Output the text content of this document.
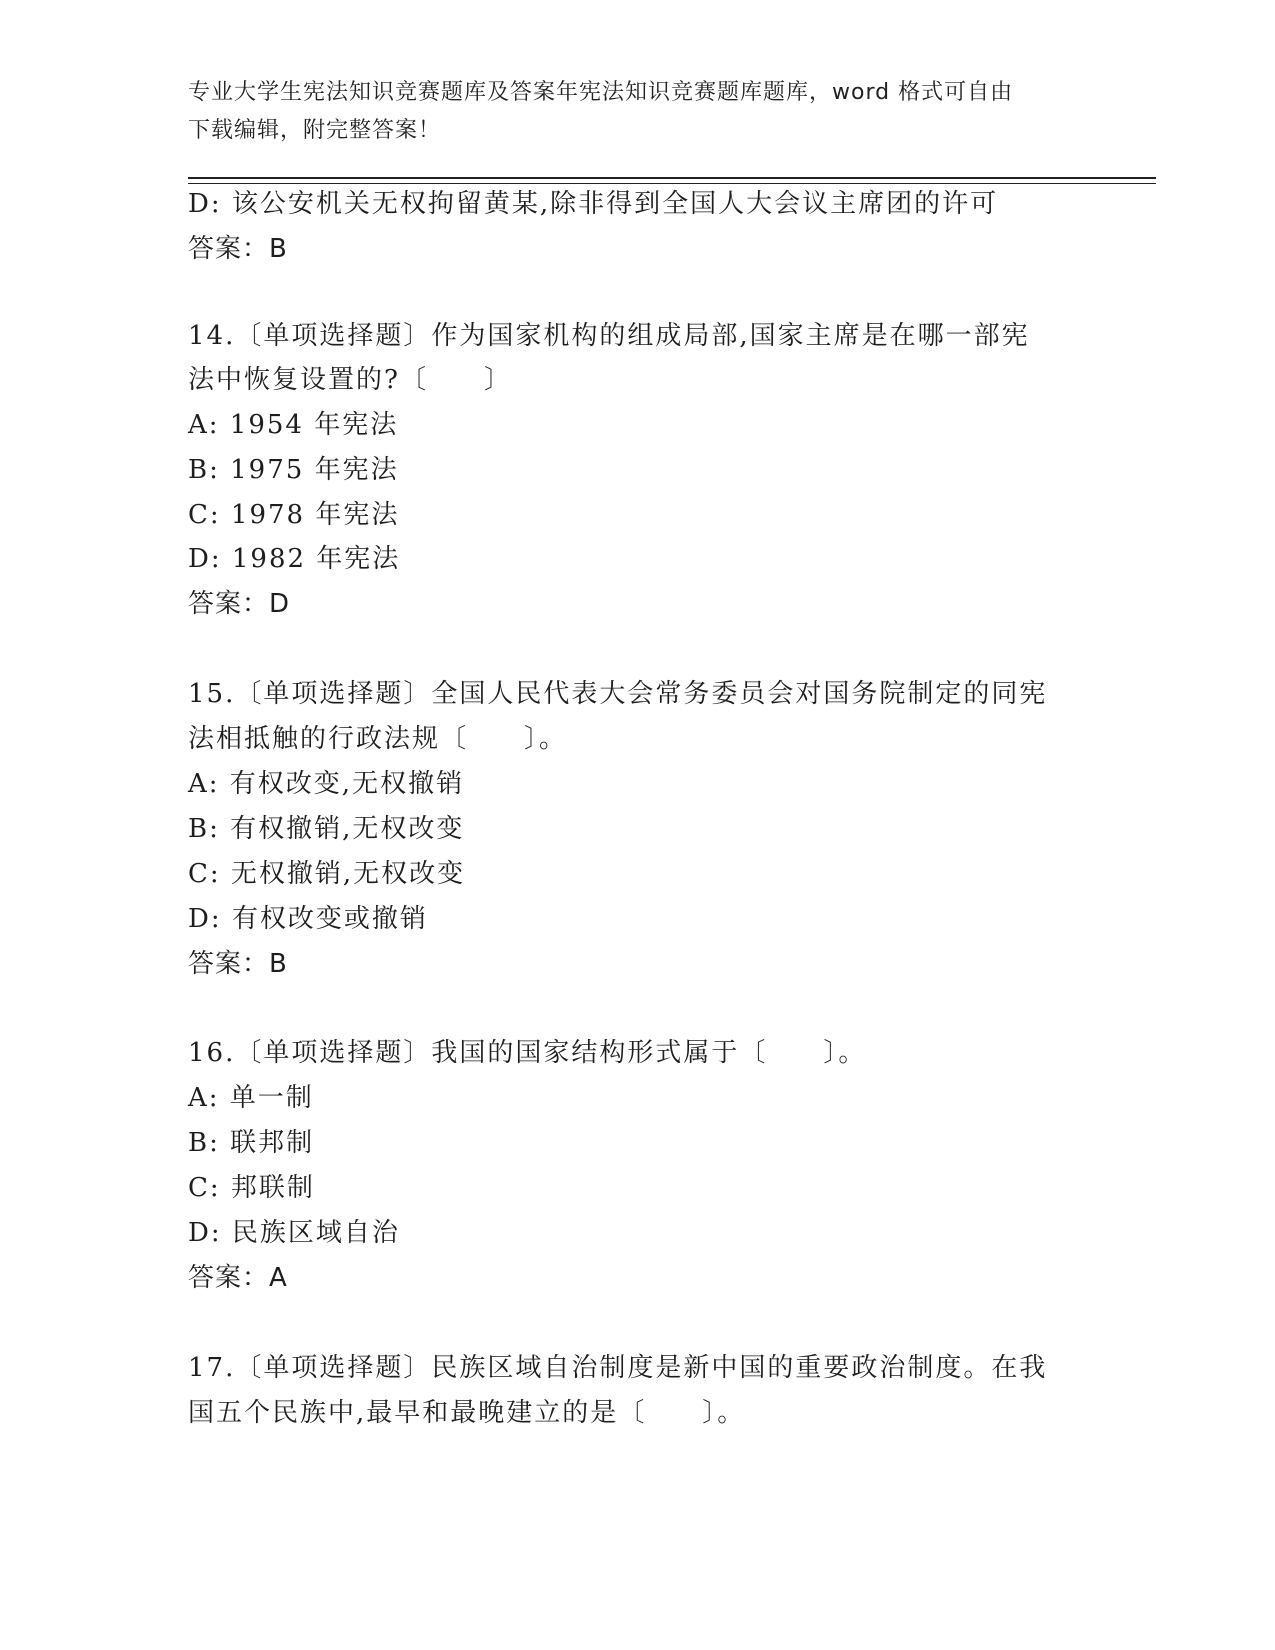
专业大学生宪法知识竞赛题库及答案年宪法知识竞赛题库题库，word 格式可自由
下载编辑，附完整答案！
D: 该公安机关无权拘留黄某,除非得到全国人大会议主席团的许可
答案：B
14.〔单项选择题〕作为国家机构的组成局部,国家主席是在哪一部宪
法中恢复设置的?〔　　〕
A: 1954 年宪法
B: 1975 年宪法
C: 1978 年宪法
D: 1982 年宪法
答案：D
15.〔单项选择题〕全国人民代表大会常务委员会对国务院制定的同宪
法相抵触的行政法规〔　　〕。
A: 有权改变,无权撤销
B: 有权撤销,无权改变
C: 无权撤销,无权改变
D: 有权改变或撤销
答案：B
16.〔单项选择题〕我国的国家结构形式属于〔　　〕。
A: 单一制
B: 联邦制
C: 邦联制
D: 民族区域自治
答案：A
17.〔单项选择题〕民族区域自治制度是新中国的重要政治制度。在我
国五个民族中,最早和最晚建立的是〔　　〕。
